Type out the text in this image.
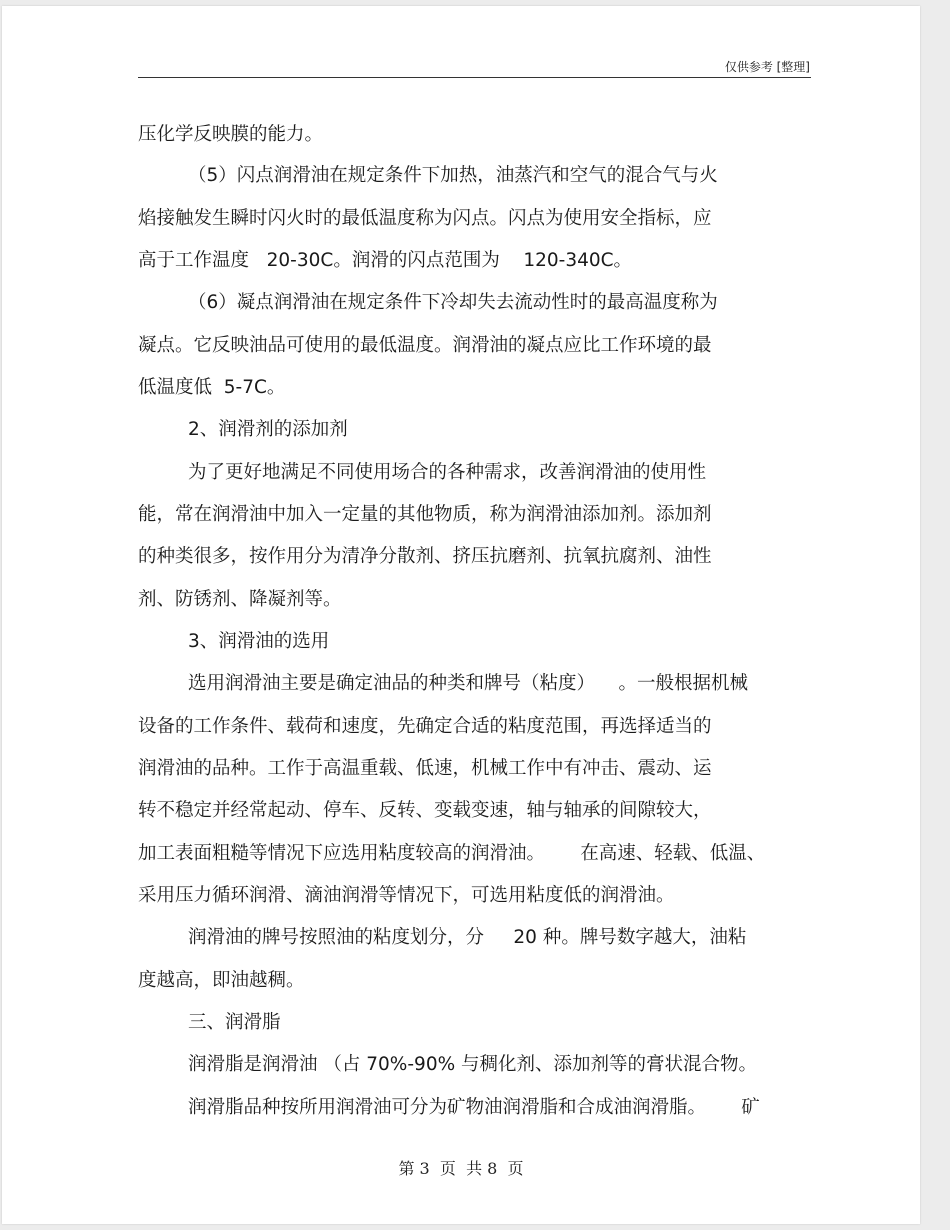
仅供参考 [整理]
压化学反映膜的能力。
（5）闪点润滑油在规定条件下加热，油蒸汽和空气的混合气与火
焰接触发生瞬时闪火时的最低温度称为闪点。闪点为使用安全指标，应
高于工作温度   20-30C。润滑的闪点范围为    120-340C。
（6）凝点润滑油在规定条件下冷却失去流动性时的最高温度称为
凝点。它反映油品可使用的最低温度。润滑油的凝点应比工作环境的最
低温度低  5-7C。
2、润滑剂的添加剂
为了更好地满足不同使用场合的各种需求，改善润滑油的使用性
能，常在润滑油中加入一定量的其他物质，称为润滑油添加剂。添加剂
的种类很多，按作用分为清净分散剂、挤压抗磨剂、抗氧抗腐剂、油性
剂、防锈剂、降凝剂等。
3、润滑油的选用
选用润滑油主要是确定油品的种类和牌号（粘度）    。一般根据机械
设备的工作条件、载荷和速度，先确定合适的粘度范围，再选择适当的
润滑油的品种。工作于高温重载、低速，机械工作中有冲击、震动、运
转不稳定并经常起动、停车、反转、变载变速，轴与轴承的间隙较大，
加工表面粗糙等情况下应选用粘度较高的润滑油。      在高速、轻载、低温、
采用压力循环润滑、滴油润滑等情况下，可选用粘度低的润滑油。
润滑油的牌号按照油的粘度划分，分     20 种。牌号数字越大，油粘
度越高，即油越稠。
三、润滑脂
润滑脂是润滑油 （占 70%-90% 与稠化剂、添加剂等的膏状混合物。
润滑脂品种按所用润滑油可分为矿物油润滑脂和合成油润滑脂。      矿
第 3  页  共 8  页
